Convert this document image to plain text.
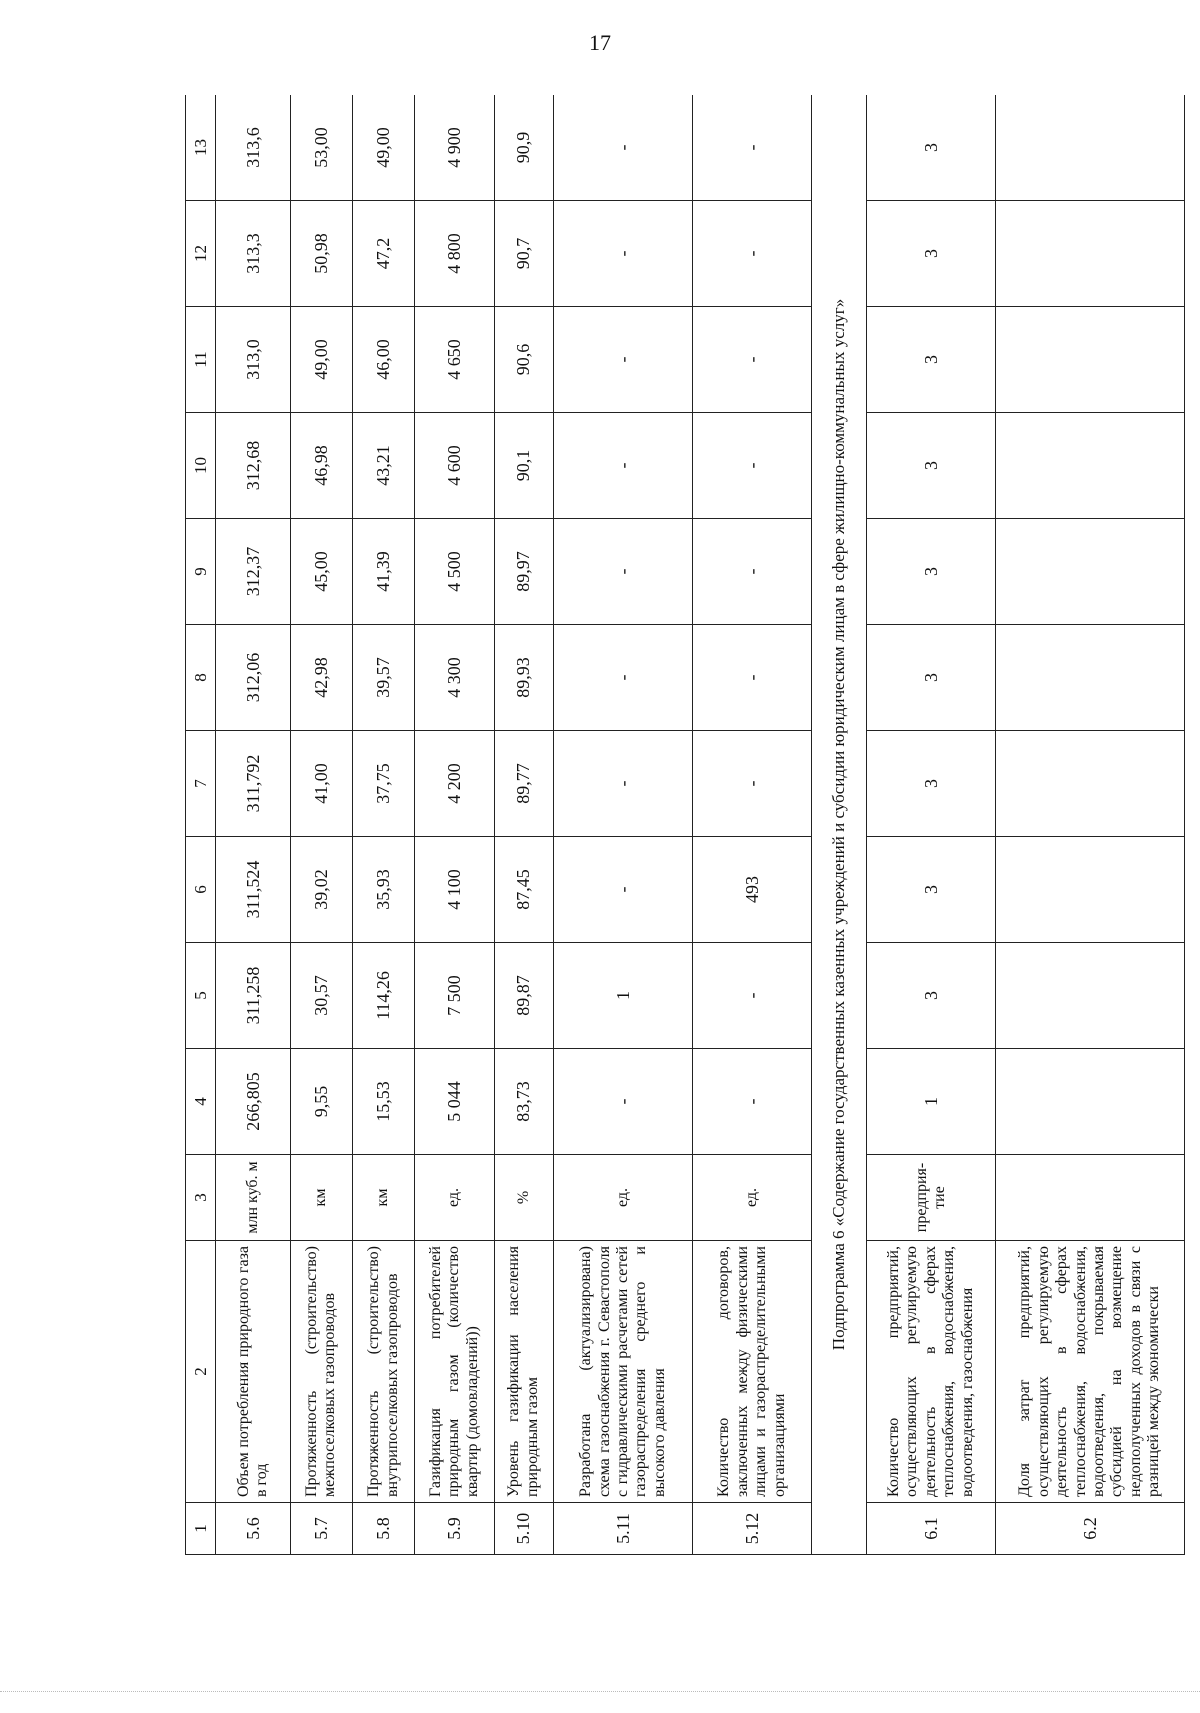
17
1	2	3	4	5	6	7	8	9	10	11	12	13
5.6	Объем потребления природного газа в год	млн куб. м	266,805	311,258	311,524	311,792	312,06	312,37	312,68	313,0	313,3	313,6
5.7	Протяженность (строительство) межпоселковых газопроводов	км	9,55	30,57	39,02	41,00	42,98	45,00	46,98	49,00	50,98	53,00
5.8	Протяженность (строительство) внутрипоселковых газопроводов	км	15,53	114,26	35,93	37,75	39,57	41,39	43,21	46,00	47,2	49,00
5.9	Газификация потребителей природным газом (количество квартир (домовладений))	ед.	5 044	7 500	4 100	4 200	4 300	4 500	4 600	4 650	4 800	4 900
5.10	Уровень газификации населения природным газом	%	83,73	89,87	87,45	89,77	89,93	89,97	90,1	90,6	90,7	90,9
5.11	Разработана (актуализирована) схема газоснабжения г. Севастополя с гидравлическими расчетами сетей газораспределения среднего и высокого давления	ед.	-	1	-	-	-	-	-	-	-	-
5.12	Количество договоров, заключенных между физическими лицами и газораспределительными организациями	ед.	-	-	493	-	-	-	-	-	-	-
Подпрограмма 6 «Содержание государственных казенных учреждений и субсидии юридическим лицам в сфере жилищно-коммунальных услуг»												
6.1	Количество предприятий, осуществляющих регулируемую деятельность в сферах теплоснабжения, водоснабжения, водоотведения, газоснабжения	предприя-тие	1	3	3	3	3	3	3	3	3	3
6.2	Доля затрат предприятий, осуществляющих регулируемую деятельность в сферах теплоснабжения, водоснабжения, водоотведения, покрываемая субсидией на возмещение недополученных доходов в связи с разницей между экономически											
